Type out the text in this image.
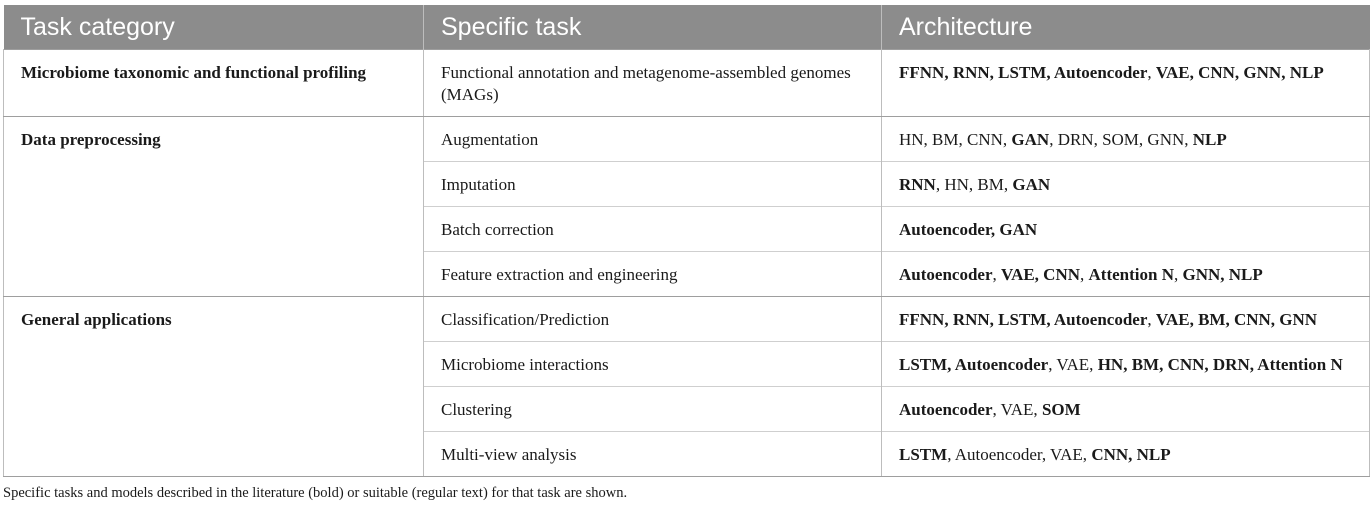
Task category	Specific task	Architecture
Microbiome taxonomic and functional profiling	Functional annotation and metagenome-assembled genomes (MAGs)	FFNN, RNN, LSTM, Autoencoder, VAE, CNN, GNN, NLP
Data preprocessing	Augmentation	HN, BM, CNN, GAN, DRN, SOM, GNN, NLP
	Imputation	RNN, HN, BM, GAN
	Batch correction	Autoencoder, GAN
	Feature extraction and engineering	Autoencoder, VAE, CNN, Attention N, GNN, NLP
General applications	Classification/Prediction	FFNN, RNN, LSTM, Autoencoder, VAE, BM, CNN, GNN
	Microbiome interactions	LSTM, Autoencoder, VAE, HN, BM, CNN, DRN, Attention N
	Clustering	Autoencoder, VAE, SOM
	Multi-view analysis	LSTM, Autoencoder, VAE, CNN, NLP
Specific tasks and models described in the literature (bold) or suitable (regular text) for that task are shown.
